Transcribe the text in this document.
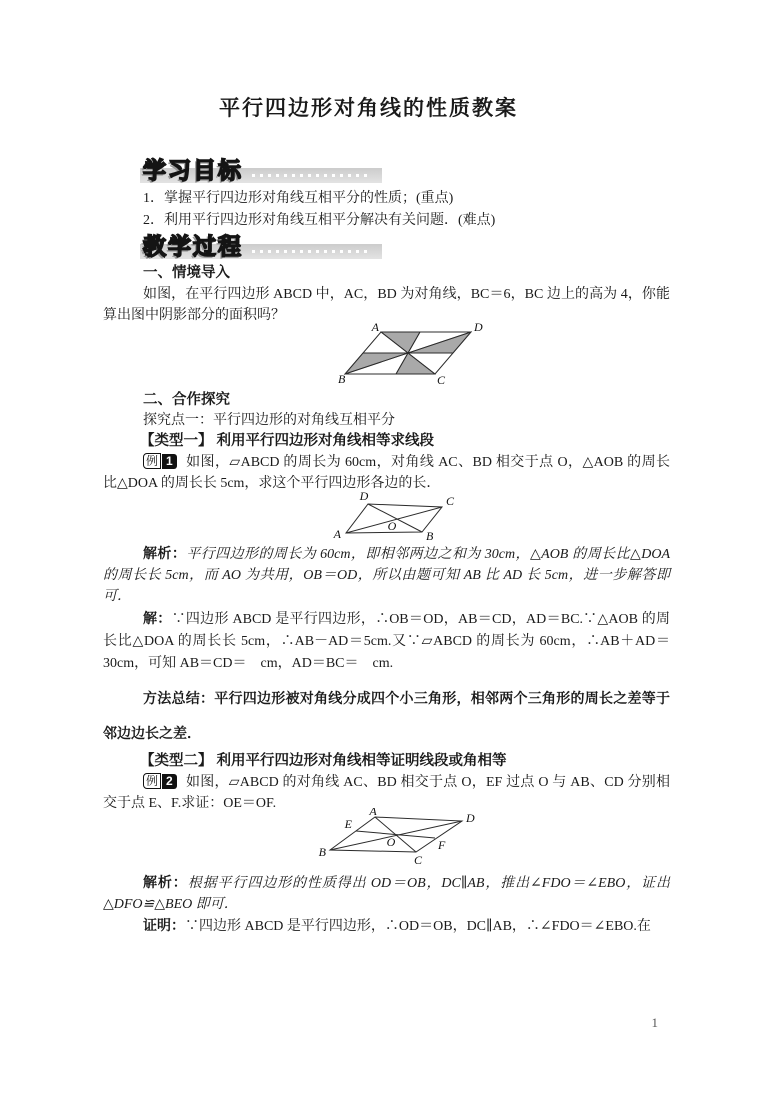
平行四边形对角线的性质教案
学习目标

1．掌握平行四边形对角线互相平分的性质；(重点)

2．利用平行四边形对角线互相平分解决有关问题．(难点)

教学过程

一、情境导入

如图，在平行四边形 ABCD 中，AC，BD 为对角线，BC＝6，BC 边上的高为 4，你能算出图中阴影部分的面积吗？

A	D
B	C

二、合作探究

探究点一：平行四边形的对角线互相平分

【类型一】 利用平行四边形对角线相等求线段

例 1 如图，▱ABCD 的周长为 60cm，对角线 AC、BD 相交于点 O，△AOB 的周长比△DOA 的周长长 5cm，求这个平行四边形各边的长．

D	C
A	B
O

解析：平行四边形的周长为 60cm，即相邻两边之和为 30cm，△AOB 的周长比△DOA 的周长长 5cm，而 AO 为共用，OB＝OD，所以由题可知 AB 比 AD 长 5cm，进一步解答即可．

解：∵四边形 ABCD 是平行四边形，∴OB＝OD，AB＝CD，AD＝BC.∵△AOB 的周长比△DOA 的周长长 5cm，∴AB－AD＝5cm.又∵▱ABCD 的周长为 60cm，∴AB＋AD＝30cm，可知 AB＝CD＝　cm，AD＝BC＝　cm.

方法总结：平行四边形被对角线分成四个小三角形，相邻两个三角形的周长之差等于邻边边长之差．

【类型二】 利用平行四边形对角线相等证明线段或角相等

例 2 如图，▱ABCD 的对角线 AC、BD 相交于点 O，EF 过点 O 与 AB、CD 分别相交于点 E、F.求证：OE＝OF.	A	D
B
C
E
F
O

解析：根据平行四边形的性质得出 OD＝OB，DC∥AB，推出∠FDO＝∠EBO，证出△DFO≌△BEO 即可．

证明：∵四边形 ABCD 是平行四边形，∴OD＝OB，DC∥AB，∴∠FDO＝∠EBO.在

1
